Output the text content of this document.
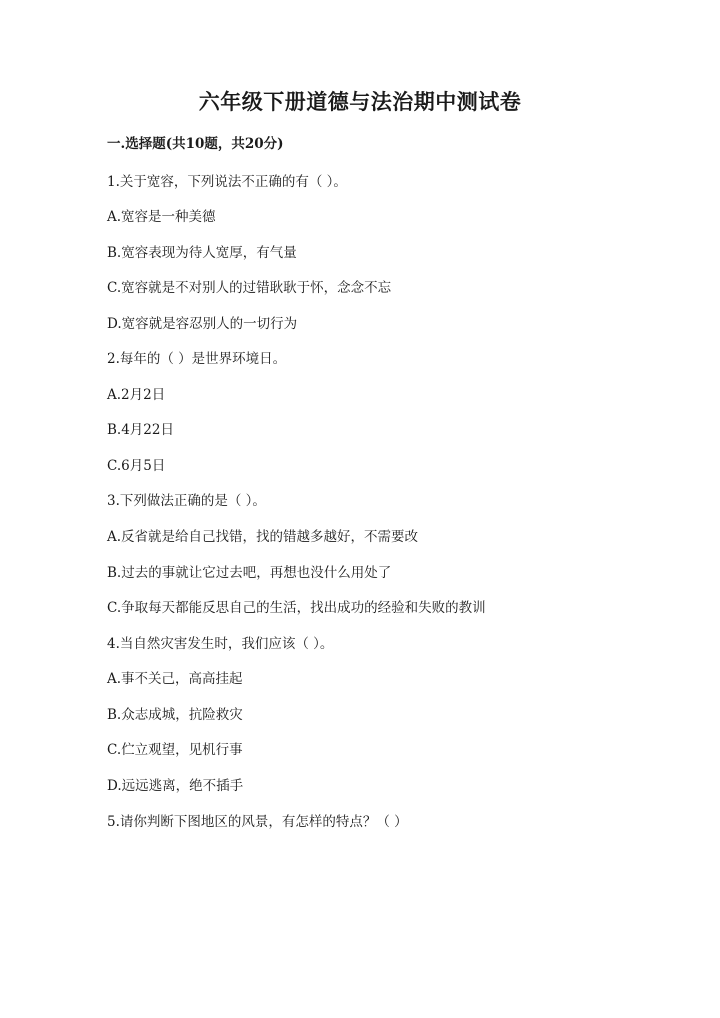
六年级下册道德与法治期中测试卷
一.选择题(共10题，共20分)
1.关于宽容，下列说法不正确的有（ ）。
A.宽容是一种美德
B.宽容表现为待人宽厚，有气量
C.宽容就是不对别人的过错耿耿于怀，念念不忘
D.宽容就是容忍别人的一切行为
2.每年的（ ）是世界环境日。
A.2月2日
B.4月22日
C.6月5日
3.下列做法正确的是（ ）。
A.反省就是给自己找错，找的错越多越好，不需要改
B.过去的事就让它过去吧，再想也没什么用处了
C.争取每天都能反思自己的生活，找出成功的经验和失败的教训
4.当自然灾害发生时，我们应该（ ）。
A.事不关己，高高挂起
B.众志成城，抗险救灾
C.伫立观望，见机行事
D.远远逃离，绝不插手
5.请你判断下图地区的风景，有怎样的特点？（ ）
